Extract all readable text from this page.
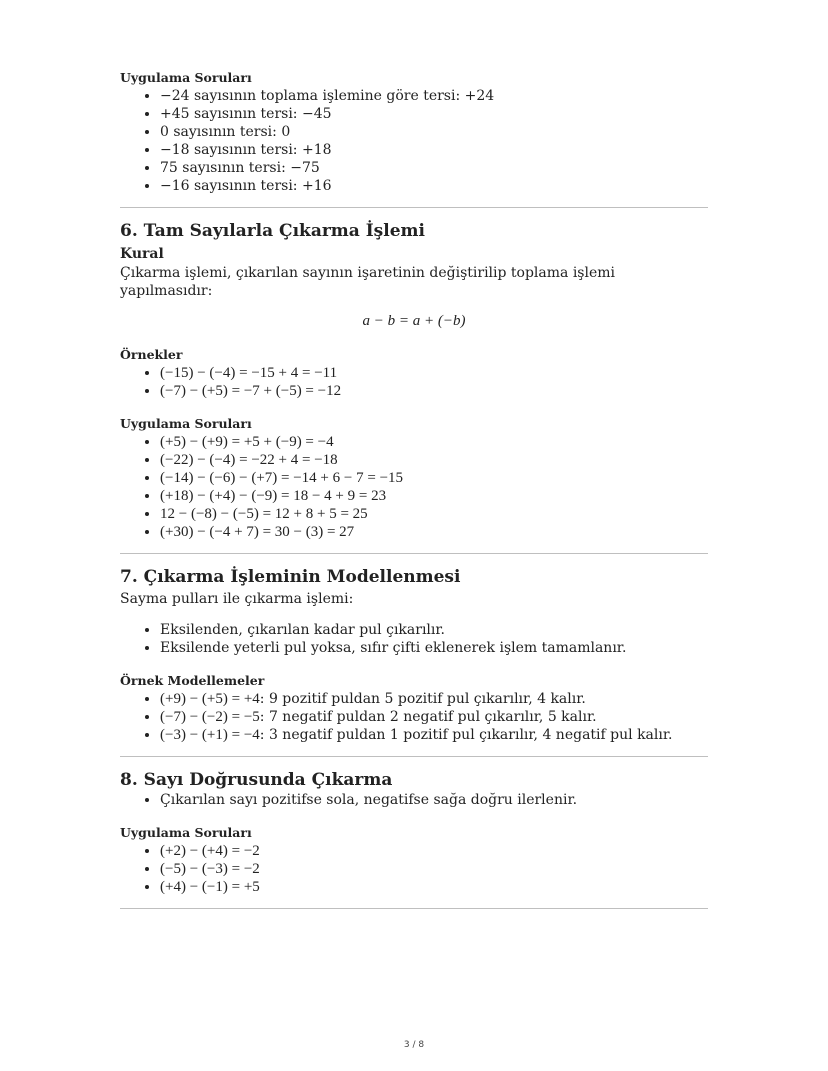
Uygulama Soruları
• −24 sayısının toplama işlemine göre tersi: +24
• +45 sayısının tersi: −45
• 0 sayısının tersi: 0
• −18 sayısının tersi: +18
• 75 sayısının tersi: −75
• −16 sayısının tersi: +16
6. Tam Sayılarla Çıkarma İşlemi
Kural

Çıkarma işlemi, çıkarılan sayının işaretinin değiştirilip toplama işlemi yapılmasıdır:

a − b = a + (−b)
Örnekler
• (−15) − (−4) = −15 + 4 = −11
• (−7) − (+5) = −7 + (−5) = −12
Uygulama Soruları
• (+5) − (+9) = +5 + (−9) = −4
• (−22) − (−4) = −22 + 4 = −18
• (−14) − (−6) − (+7) = −14 + 6 − 7 = −15
• (+18) − (+4) − (−9) = 18 − 4 + 9 = 23
• 12 − (−8) − (−5) = 12 + 8 + 5 = 25
• (+30) − (−4 + 7) = 30 − (3) = 27
7. Çıkarma İşleminin Modellenmesi

Sayma pulları ile çıkarma işlemi:

• Eksilenden, çıkarılan kadar pul çıkarılır.
• Eksilende yeterli pul yoksa, sıfır çifti eklenerek işlem tamamlanır.
Örnek Modellemeler
• (+9) − (+5) = +4: 9 pozitif puldan 5 pozitif pul çıkarılır, 4 kalır.
• (−7) − (−2) = −5: 7 negatif puldan 2 negatif pul çıkarılır, 5 kalır.
• (−3) − (+1) = −4: 3 negatif puldan 1 pozitif pul çıkarılır, 4 negatif pul kalır.
8. Sayı Doğrusunda Çıkarma
• Çıkarılan sayı pozitifse sola, negatifse sağa doğru ilerlenir.
Uygulama Soruları
• (+2) − (+4) = −2
• (−5) − (−3) = −2
• (+4) − (−1) = +5
3 / 8
